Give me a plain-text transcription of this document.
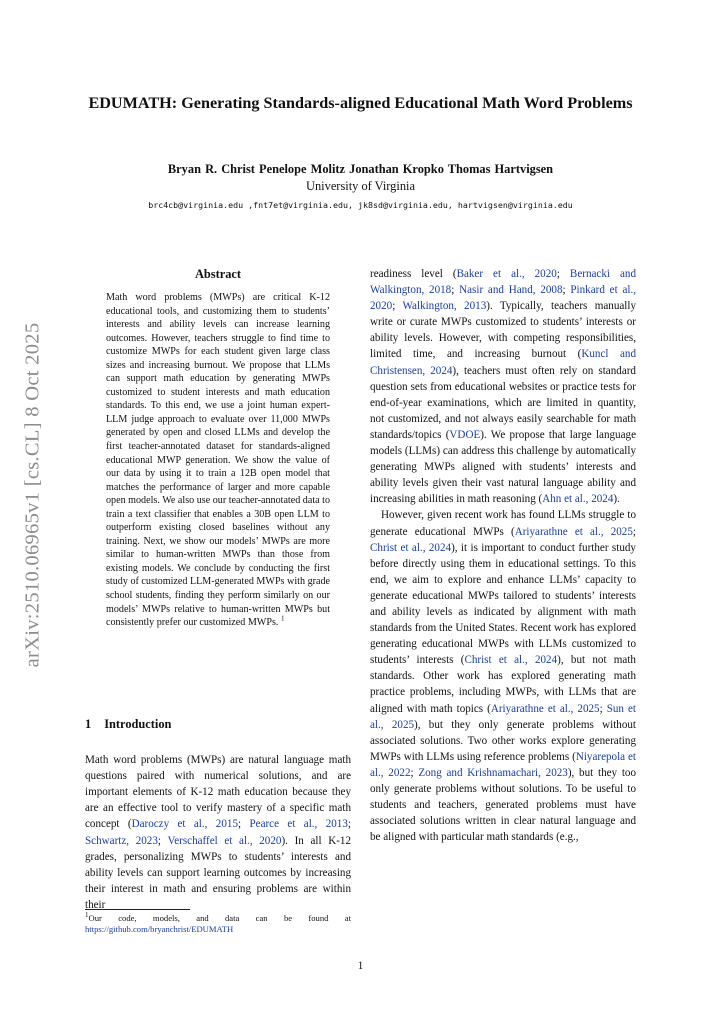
arXiv:2510.06965v1 [cs.CL] 8 Oct 2025
EDUMATH: Generating Standards-aligned Educational Math Word Problems
Bryan R. Christ Penelope Molitz Jonathan Kropko Thomas Hartvigsen
University of Virginia
brc4cb@virginia.edu ,fnt7et@virginia.edu, jk8sd@virginia.edu, hartvigsen@virginia.edu
Abstract
Math word problems (MWPs) are critical K-12 educational tools, and customizing them to students’ interests and ability levels can increase learning outcomes. However, teachers struggle to find time to customize MWPs for each student given large class sizes and increasing burnout. We propose that LLMs can support math education by generating MWPs customized to student interests and math education standards. To this end, we use a joint human expert-LLM judge approach to evaluate over 11,000 MWPs generated by open and closed LLMs and develop the first teacher-annotated dataset for standards-aligned educational MWP generation. We show the value of our data by using it to train a 12B open model that matches the performance of larger and more capable open models. We also use our teacher-annotated data to train a text classifier that enables a 30B open LLM to outperform existing closed baselines without any training. Next, we show our models’ MWPs are more similar to human-written MWPs than those from existing models. We conclude by conducting the first study of customized LLM-generated MWPs with grade school students, finding they perform similarly on our models’ MWPs relative to human-written MWPs but consistently prefer our customized MWPs. $^1$
1 Introduction

Math word problems (MWPs) are natural language math questions paired with numerical solutions, and are important elements of K-12 math education because they are an effective tool to verify mastery of a specific math concept (Daroczy et al., 2015; Pearce et al., 2013; Schwartz, 2023; Verschaffel et al., 2020). In all K-12 grades, personalizing MWPs to students’ interests and ability levels can support learning outcomes by increasing their interest in math and ensuring problems are within their

readiness level (Baker et al., 2020; Bernacki and Walkington, 2018; Nasir and Hand, 2008; Pinkard et al., 2020; Walkington, 2013). Typically, teachers manually write or curate MWPs customized to students’ interests or ability levels. However, with competing responsibilities, limited time, and increasing burnout (Kuncl and Christensen, 2024), teachers must often rely on standard question sets from educational websites or practice tests for end-of-year examinations, which are limited in quantity, not customized, and not always easily searchable for math standards/topics (VDOE). We propose that large language models (LLMs) can address this challenge by automatically generating MWPs aligned with students’ interests and ability levels given their vast natural language ability and increasing abilities in math reasoning (Ahn et al., 2024).

However, given recent work has found LLMs struggle to generate educational MWPs (Ariyarathne et al., 2025; Christ et al., 2024), it is important to conduct further study before directly using them in educational settings. To this end, we aim to explore and enhance LLMs’ capacity to generate educational MWPs tailored to students’ interests and ability levels as indicated by alignment with math standards from the United States. Recent work has explored generating educational MWPs with LLMs customized to students’ interests (Christ et al., 2024), but not math standards. Other work has explored generating math practice problems, including MWPs, with LLMs that are aligned with math topics (Ariyarathne et al., 2025; Sun et al., 2025), but they only generate problems without associated solutions. Two other works explore generating MWPs with LLMs using reference problems (Niyarepola et al., 2022; Zong and Krishnamachari, 2023), but they too only generate problems without solutions. To be useful to students and teachers, generated problems must have associated solutions written in clear natural language and be aligned with particular math standards (e.g.,

$^1$Our code, models, and data can be found at https://github.com/bryanchrist/EDUMATH
1
